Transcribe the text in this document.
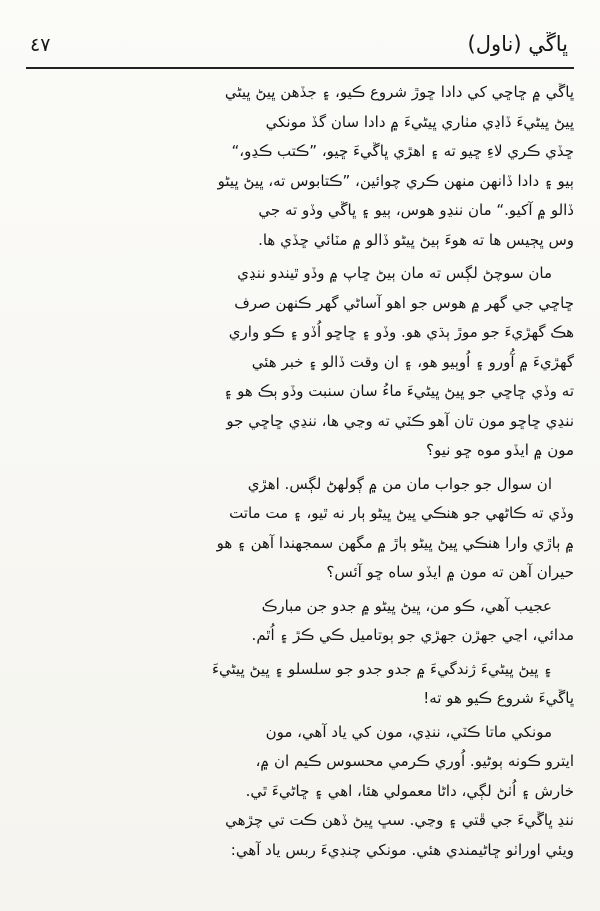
ڀاڱي (ناول)
٤٧
ڀاڱي ۾ ڇاڇي کي دادا ڇوڙ شروع ڪيو، ۽ جڏهن ڀيڻ ڀيڻي
ڀيڻ ڀيڻيءَ ڏاڍي مٺاري ڀيڻيءَ ۾ دادا سان گڏ مونکي
ڇڏي ڪري لاءِ ڇيو ته ۽ اهڙي ڀاڱيءَ ڇيو، ”ڪتب ڪڍو،“
ٻيو ۽ دادا ڏانهن منهن ڪري چوائين، ”ڪتابوس ته، ڀيڻ ڀيڻو
ڏالو ۾ آکيو.“ مان ننڍو هوس، ٻيو ۽ ڀاڱي وڏو ته جي
وس ڀڄيس ها ته هوءَ ٻيڻ ڀيڻو ڏالو ۾ مٽائي ڇڏي ها.
مان سوچڻ لڳس ته مان ٻيڻ ڇاپ ۾ وڏو ٿيندو ننڍي
ڇاڇي جي گهر ۾ هوس جو اهو آساڻي گهر ڪنهن صرف
هڪ گهڙيءَ جو موڙ ٻڌي هو. وڏو ۽ ڇاڇو اُڏو ۽ ڪو واري
گهڙيءَ ۾ آُورو ۽ اُوٻيو هو، ۽ ان وقت ڏالو ۽ خبر هئي
ته وڏي ڇاڇي جو ڀيڻ ڀيڻيءَ ماءُ سان سنبت وڏو ٻڪ هو ۽
ننڍي ڇاڇو مون تان آهو ڪٽي ته وڃي ها، ننڍي ڇاڇي جو
مون ۾ ايڏو موه ڇو نيو؟
ان سوال جو جواب مان من ۾ ڳولهڻ لڳس. اهڙي
وڏي ته ڪاڻهي جو هنڪي ڀيڻ ڀيڻو ٻار نه ٿيو، ۽ مت ماتت
۾ ٻاڙي وارا هنڪي ڀيڻ ڀيڻو ٻاڙ ۾ مگهن سمجهندا آهن ۽ هو
حيران آهن ته مون ۾ ايڏو ساه ڇو آئس؟
عجيب آهي، ڪو من، ڀيڻ ڀيڻو ۾ جدو جن مبارڪ
مدائي، اڃي جهڙن جهڙي جو ٻوتاميل ڪي ڪڙ ۽ اُٿم.
۽ ڀيڻ ڀيڻيءَ ژندگيءَ ۾ جدو جدو جو سلسلو ۽ ڀيڻ ڀيڻيءَ
ڀاڱيءَ شروع ڪيو هو ته!
مونکي ماتا ڪٽي، ننڍي، مون کي ياد آهي، مون
ايترو ڪونه ٻوڻيو. اُوري ڪرمي محسوس ڪيم ان ۾،
خارش ۽ اُٺڻ لڳي، داڻا معمولي هئا، اهي ۽ ڇاڻيءَ ٿي.
ننڍ ڀاڱيءَ جي ڦتي ۽ وڃي. سڀ ڀيڻ ڏهن ڪت تي چڙهي
ويئي اوراٺو ڇاڻيمندي هئي. مونکي چنڊيءَ ربس ياد آهي:
